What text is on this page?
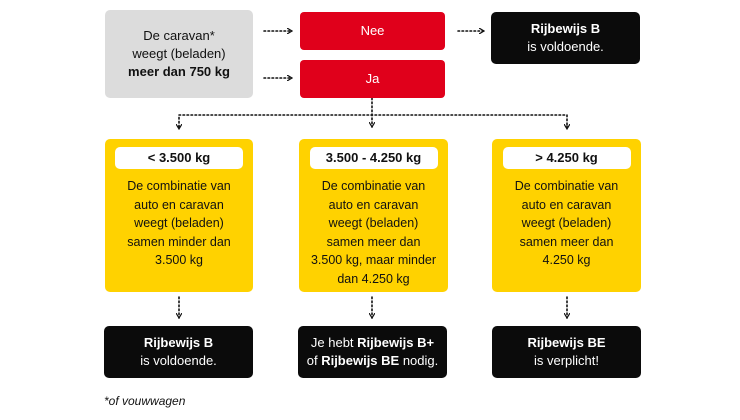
De caravan*
weegt (beladen)
meer dan 750 kg
Nee
Ja
Rijbewijs B
is voldoende.
< 3.500 kg
De combinatie van
auto en caravan
weegt (beladen)
samen minder dan
3.500 kg
3.500 - 4.250 kg
De combinatie van
auto en caravan
weegt (beladen)
samen meer dan
3.500 kg, maar minder
dan 4.250 kg
> 4.250 kg
De combinatie van
auto en caravan
weegt (beladen)
samen meer dan
4.250 kg
Rijbewijs B
is voldoende.
Je hebt Rijbewijs B+
of Rijbewijs BE nodig.
Rijbewijs BE
is verplicht!
*of vouwwagen
